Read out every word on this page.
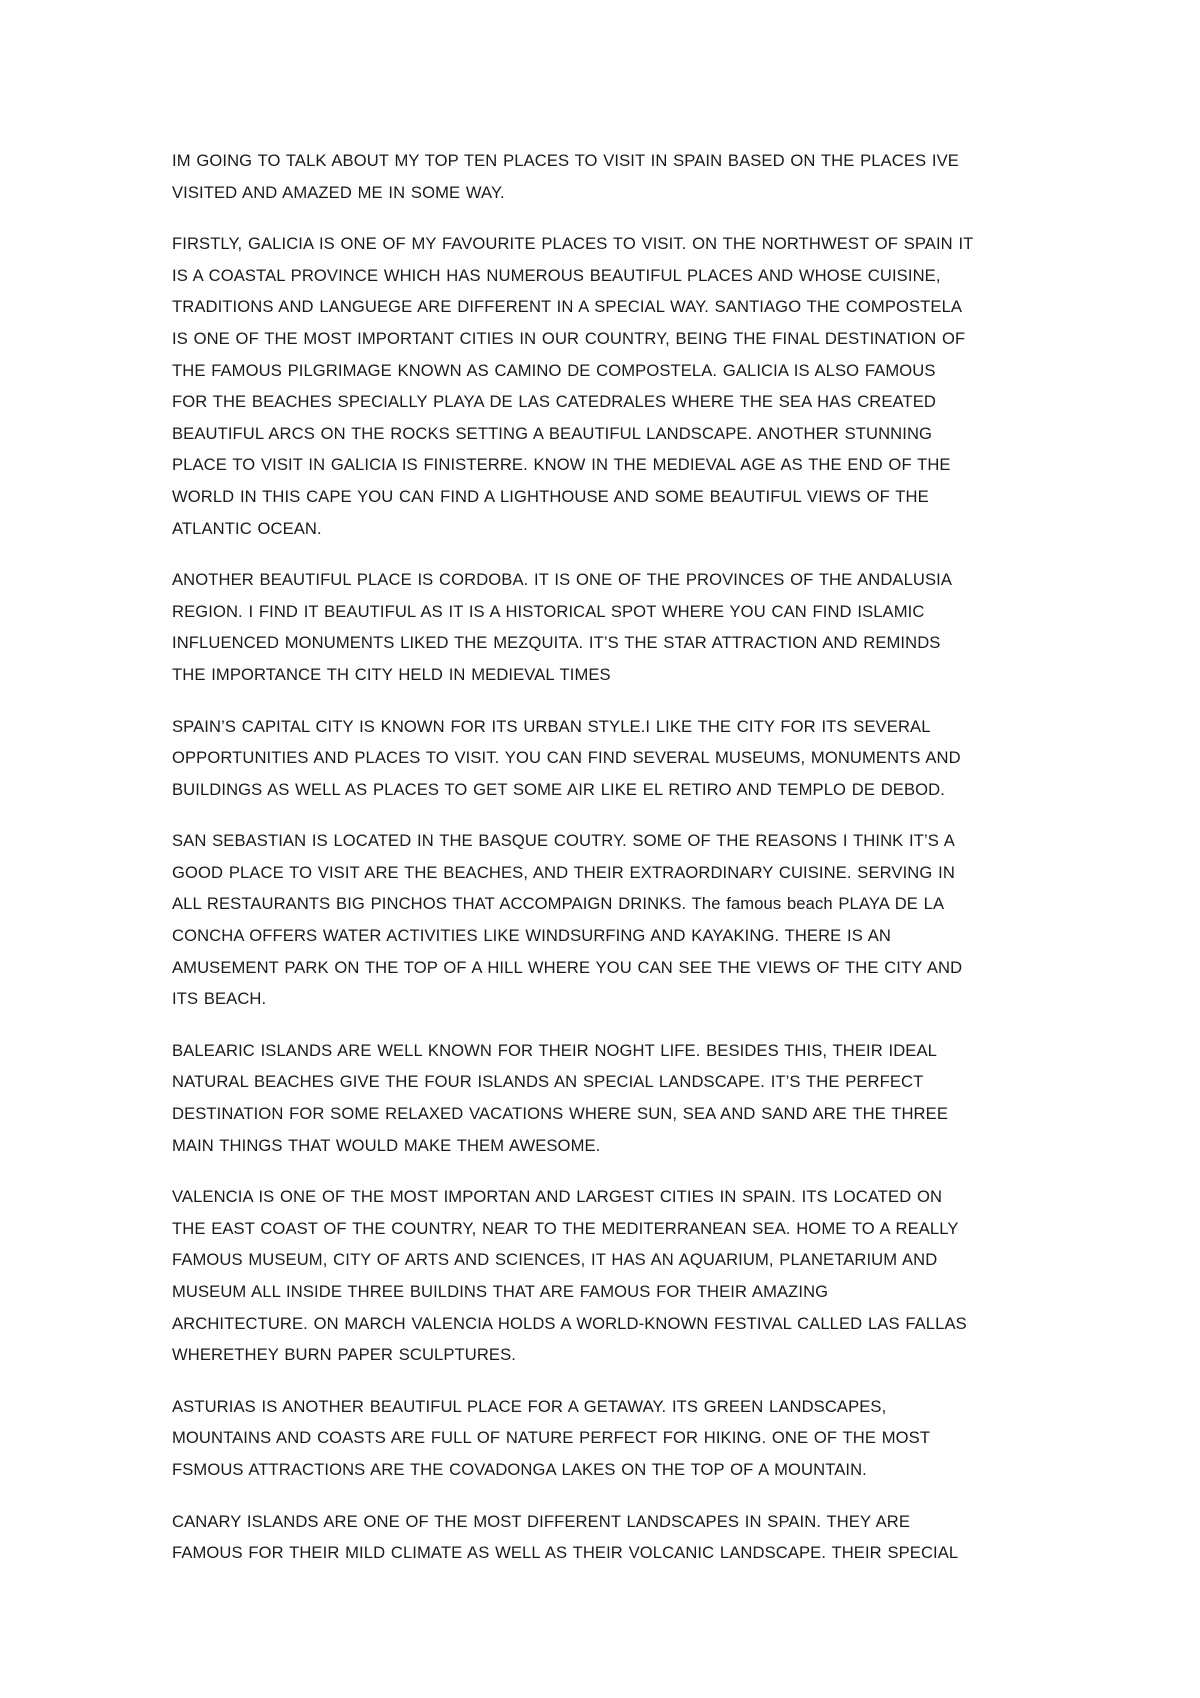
IM GOING TO TALK ABOUT MY TOP TEN PLACES TO VISIT IN SPAIN BASED ON THE PLACES IVE
VISITED AND AMAZED ME IN SOME WAY.

FIRSTLY, GALICIA IS ONE OF MY FAVOURITE PLACES TO VISIT. ON THE NORTHWEST OF SPAIN IT
IS A COASTAL PROVINCE WHICH HAS NUMEROUS BEAUTIFUL PLACES AND WHOSE CUISINE,
TRADITIONS AND LANGUEGE ARE DIFFERENT IN A SPECIAL WAY. SANTIAGO THE COMPOSTELA
IS ONE OF THE MOST IMPORTANT CITIES IN OUR COUNTRY, BEING THE FINAL DESTINATION OF
THE FAMOUS PILGRIMAGE KNOWN AS CAMINO DE COMPOSTELA. GALICIA IS ALSO FAMOUS
FOR THE BEACHES SPECIALLY PLAYA DE LAS CATEDRALES WHERE THE SEA HAS CREATED
BEAUTIFUL ARCS ON THE ROCKS SETTING A BEAUTIFUL LANDSCAPE. ANOTHER STUNNING
PLACE TO VISIT IN GALICIA IS FINISTERRE. KNOW IN THE MEDIEVAL AGE AS THE END OF THE
WORLD IN THIS CAPE YOU CAN FIND A LIGHTHOUSE AND SOME BEAUTIFUL VIEWS OF THE
ATLANTIC OCEAN.

ANOTHER BEAUTIFUL PLACE IS CORDOBA. IT IS ONE OF THE PROVINCES OF THE ANDALUSIA
REGION. I FIND IT BEAUTIFUL AS IT IS A HISTORICAL SPOT WHERE YOU CAN FIND ISLAMIC
INFLUENCED MONUMENTS LIKED THE MEZQUITA. IT’S THE STAR ATTRACTION AND REMINDS
THE IMPORTANCE TH CITY HELD IN MEDIEVAL TIMES

SPAIN’S CAPITAL CITY IS KNOWN FOR ITS URBAN STYLE.I LIKE THE CITY FOR ITS SEVERAL
OPPORTUNITIES AND PLACES TO VISIT. YOU CAN FIND SEVERAL MUSEUMS, MONUMENTS AND
BUILDINGS AS WELL AS PLACES TO GET SOME AIR LIKE EL RETIRO AND TEMPLO DE DEBOD.

SAN SEBASTIAN IS LOCATED IN THE BASQUE COUTRY. SOME OF THE REASONS I THINK IT’S A
GOOD PLACE TO VISIT ARE THE BEACHES, AND THEIR EXTRAORDINARY CUISINE. SERVING IN
ALL RESTAURANTS BIG PINCHOS THAT ACCOMPAIGN DRINKS. The famous beach PLAYA DE LA
CONCHA OFFERS WATER ACTIVITIES LIKE WINDSURFING AND KAYAKING. THERE IS AN
AMUSEMENT PARK ON THE TOP OF A HILL WHERE YOU CAN SEE THE VIEWS OF THE CITY AND
ITS BEACH.

BALEARIC ISLANDS ARE WELL KNOWN FOR THEIR NOGHT LIFE. BESIDES THIS, THEIR IDEAL
NATURAL BEACHES GIVE THE FOUR ISLANDS AN SPECIAL LANDSCAPE. IT’S THE PERFECT
DESTINATION FOR SOME RELAXED VACATIONS WHERE SUN, SEA AND SAND ARE THE THREE
MAIN THINGS THAT WOULD MAKE THEM AWESOME.

VALENCIA IS ONE OF THE MOST IMPORTAN AND LARGEST CITIES IN SPAIN. ITS LOCATED ON
THE EAST COAST OF THE COUNTRY, NEAR TO THE MEDITERRANEAN SEA. HOME TO A REALLY
FAMOUS MUSEUM, CITY OF ARTS AND SCIENCES, IT HAS AN AQUARIUM, PLANETARIUM AND
MUSEUM ALL INSIDE THREE BUILDINS THAT ARE FAMOUS FOR THEIR AMAZING
ARCHITECTURE. ON MARCH VALENCIA HOLDS A WORLD-KNOWN FESTIVAL CALLED LAS FALLAS
WHERETHEY BURN PAPER SCULPTURES.

ASTURIAS IS ANOTHER BEAUTIFUL PLACE FOR A GETAWAY. ITS GREEN LANDSCAPES,
MOUNTAINS AND COASTS ARE FULL OF NATURE PERFECT FOR HIKING. ONE OF THE MOST
FSMOUS ATTRACTIONS ARE THE COVADONGA LAKES ON THE TOP OF A MOUNTAIN.

CANARY ISLANDS ARE ONE OF THE MOST DIFFERENT LANDSCAPES IN SPAIN. THEY ARE
FAMOUS FOR THEIR MILD CLIMATE AS WELL AS THEIR VOLCANIC LANDSCAPE. THEIR SPECIAL
